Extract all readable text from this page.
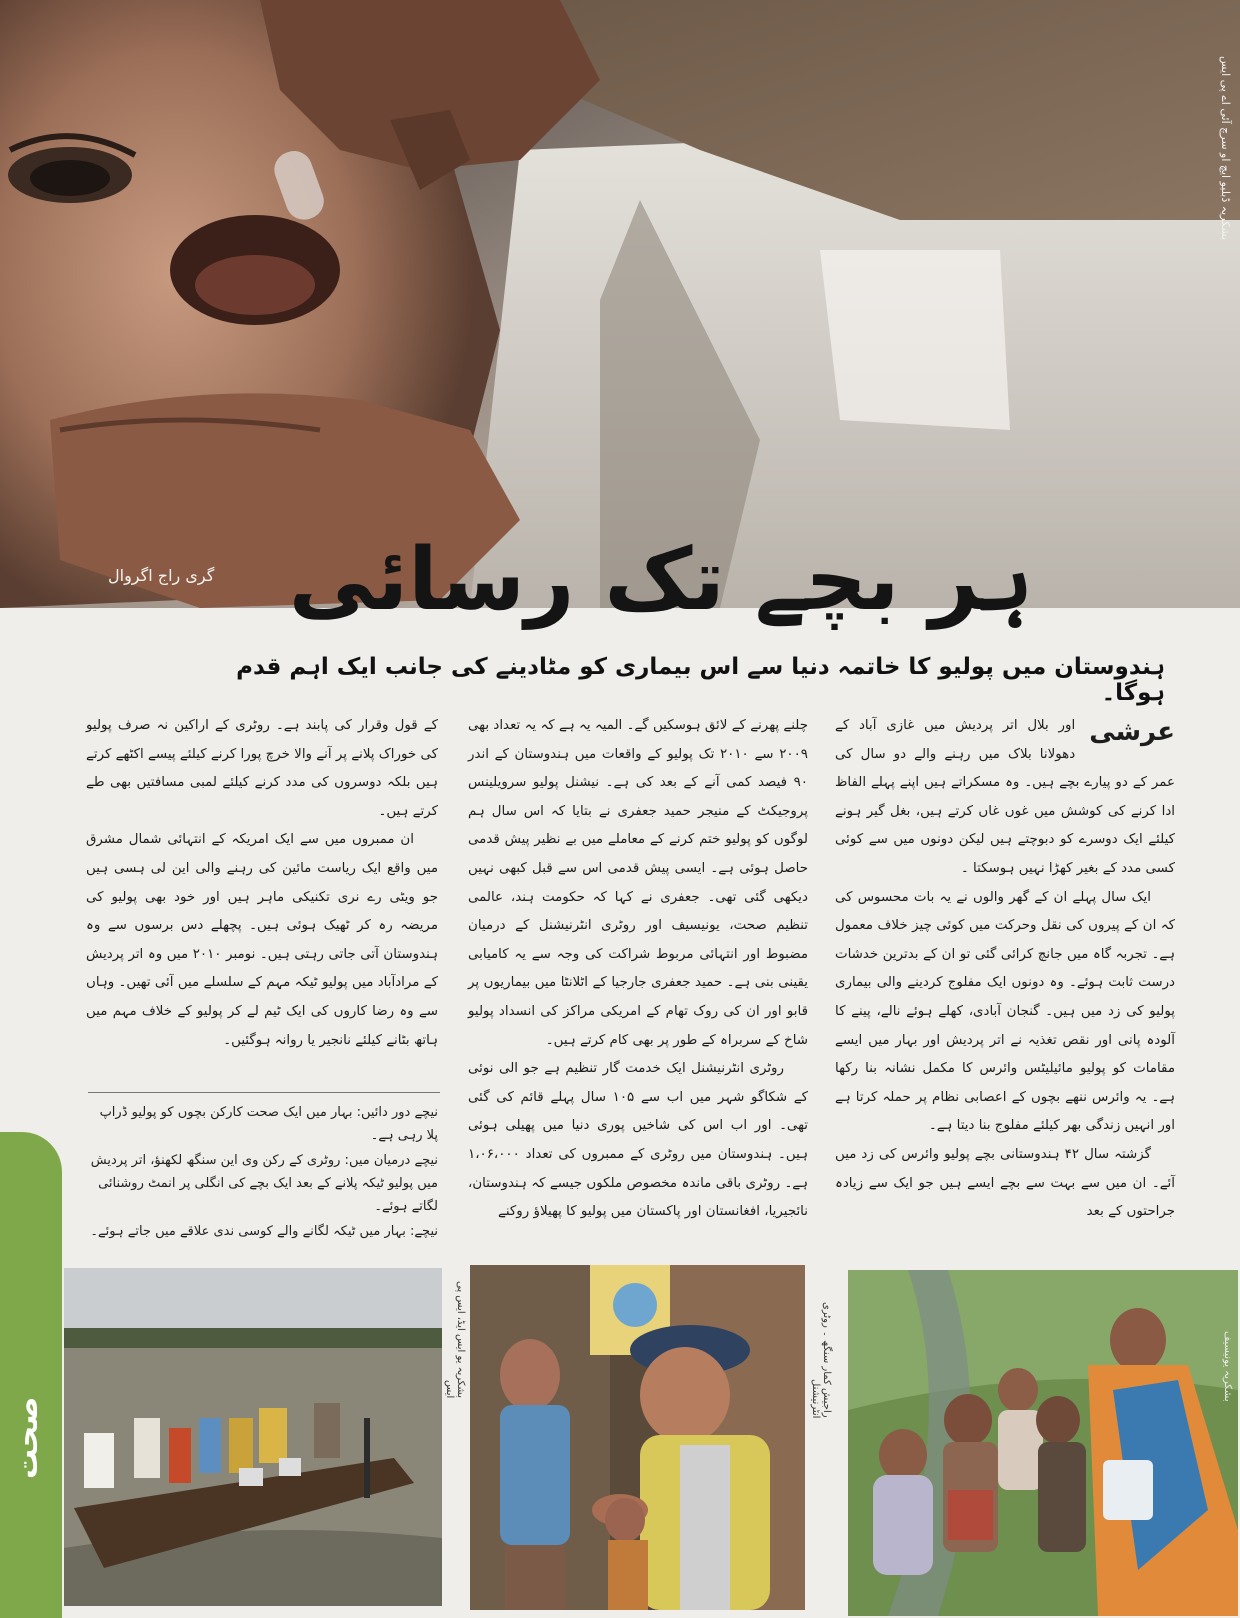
بشکریہ ڈبلیو ایچ او سرچ آئی اے پی ایس
گری راج اگروال ہر بچے تک رسائی
ہندوستان میں پولیو کا خاتمہ دنیا سے اس بیماری کو مٹادینے کی جانب ایک اہم قدم ہوگا۔
عرشی

اور بلال اتر پردیش میں غازی آباد کے دھولانا بلاک میں رہنے والے دو سال کی عمر کے دو پیارے بچے ہیں۔ وہ مسکراتے ہیں اپنے پہلے الفاظ ادا کرنے کی کوشش میں غوں غاں کرتے ہیں، بغل گیر ہونے کیلئے ایک دوسرے کو دبوچتے ہیں لیکن دونوں میں سے کوئی کسی مدد کے بغیر کھڑا نہیں ہوسکتا ۔

ایک سال پہلے ان کے گھر والوں نے یہ بات محسوس کی کہ ان کے پیروں کی نقل وحرکت میں کوئی چیز خلاف معمول ہے۔ تجربہ گاہ میں جانچ کرائی گئی تو ان کے بدترین خدشات درست ثابت ہوئے۔ وہ دونوں ایک مفلوج کردینے والی بیماری پولیو کی زد میں ہیں۔ گنجان آبادی، کھلے ہوئے نالے، پینے کا آلودہ پانی اور نقص تغذیہ نے اتر پردیش اور بہار میں ایسے مقامات کو پولیو مائیلیٹس وائرس کا مکمل نشانہ بنا رکھا ہے۔ یہ وائرس ننھے بچوں کے اعصابی نظام پر حملہ کرتا ہے اور انہیں زندگی بھر کیلئے مفلوج بنا دیتا ہے۔

گزشتہ سال ۴۲ ہندوستانی بچے پولیو وائرس کی زد میں آئے۔ ان میں سے بہت سے بچے ایسے ہیں جو ایک سے زیادہ جراحتوں کے بعد

چلنے پھرنے کے لائق ہوسکیں گے۔ المیہ یہ ہے کہ یہ تعداد بھی ۲۰۰۹ سے ۲۰۱۰ تک پولیو کے واقعات میں ہندوستان کے اندر ۹۰ فیصد کمی آنے کے بعد کی ہے۔ نیشنل پولیو سرویلینس پروجیکٹ کے منیجر حمید جعفری نے بتایا کہ اس سال ہم لوگوں کو پولیو ختم کرنے کے معاملے میں بے نظیر پیش قدمی حاصل ہوئی ہے۔ ایسی پیش قدمی اس سے قبل کبھی نہیں دیکھی گئی تھی۔ جعفری نے کہا کہ حکومت ہند، عالمی تنظیم صحت، یونیسیف اور روٹری انٹرنیشنل کے درمیان مضبوط اور انتہائی مربوط شراکت کی وجہ سے یہ کامیابی یقینی بنی ہے۔ حمید جعفری جارجیا کے اٹلانٹا میں بیماریوں پر قابو اور ان کی روک تھام کے امریکی مراکز کی انسداد پولیو شاخ کے سربراہ کے طور پر بھی کام کرتے ہیں۔

روٹری انٹرنیشنل ایک خدمت گار تنظیم ہے جو الی نوئی کے شکاگو شہر میں اب سے ۱۰۵ سال پہلے قائم کی گئی تھی۔ اور اب اس کی شاخیں پوری دنیا میں پھیلی ہوئی ہیں۔ ہندوستان میں روٹری کے ممبروں کی تعداد ۱،۰۶،۰۰۰ ہے۔ روٹری باقی ماندہ مخصوص ملکوں جیسے کہ ہندوستان، نائجیریا، افغانستان اور پاکستان میں پولیو کا پھیلاؤ روکنے

کے قول وقرار کی پابند ہے۔ روٹری کے اراکین نہ صرف پولیو کی خوراک پلانے پر آنے والا خرچ پورا کرنے کیلئے پیسے اکٹھے کرتے ہیں بلکہ دوسروں کی مدد کرنے کیلئے لمبی مسافتیں بھی طے کرتے ہیں۔

ان ممبروں میں سے ایک امریکہ کے انتہائی شمال مشرق میں واقع ایک ریاست مائین کی رہنے والی این لی ہسی ہیں جو ویٹی رے نری تکنیکی ماہر ہیں اور خود بھی پولیو کی مریضہ رہ کر ٹھیک ہوئی ہیں۔ پچھلے دس برسوں سے وہ ہندوستان آتی جاتی رہتی ہیں۔ نومبر ۲۰۱۰ میں وہ اتر پردیش کے مرادآباد میں پولیو ٹیکہ مہم کے سلسلے میں آئی تھیں۔ وہاں سے وہ رضا کاروں کی ایک ٹیم لے کر پولیو کے خلاف مہم میں ہاتھ بٹانے کیلئے نانجیر یا روانہ ہوگئیں۔

نیچے دور دائیں: بہار میں ایک صحت کارکن بچوں کو پولیو ڈراپ پلا رہی ہے۔

نیچے درمیان میں: روٹری کے رکن وی این سنگھ لکھنؤ، اتر پردیش میں پولیو ٹیکہ پلانے کے بعد ایک بچے کی انگلی پر انمٹ روشنائی لگاتے ہوئے۔

نیچے: بہار میں ٹیکہ لگانے والے کوسی ندی علاقے میں جاتے ہوئے۔

صحت
بشکریہ یو ایس ایڈ، ایس پی ایس	راجیش کمار سنگھ ۔ روٹری انٹرنیشنل	بشکریہ یونیسیف
